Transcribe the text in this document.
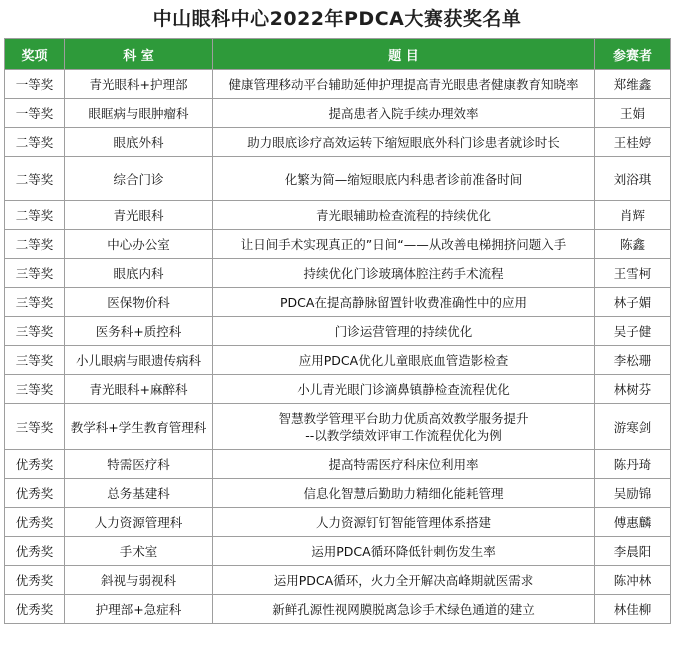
中山眼科中心2022年PDCA大赛获奖名单
奖项	科 室	题 目	参赛者
一等奖	青光眼科+护理部	健康管理移动平台辅助延伸护理提高青光眼患者健康教育知晓率	郑维鑫
一等奖	眼眶病与眼肿瘤科	提高患者入院手续办理效率	王娟
二等奖	眼底外科	助力眼底诊疗高效运转下缩短眼底外科门诊患者就诊时长	王桂婷
二等奖	综合门诊	化繁为简—缩短眼底内科患者诊前准备时间	刘浴琪
二等奖	青光眼科	青光眼辅助检查流程的持续优化	肖辉
二等奖	中心办公室	让日间手术实现真正的”日间“——从改善电梯拥挤问题入手	陈鑫
三等奖	眼底内科	持续优化门诊玻璃体腔注药手术流程	王雪柯
三等奖	医保物价科	PDCA在提高静脉留置针收费准确性中的应用	林子媚
三等奖	医务科+质控科	门诊运营管理的持续优化	吴子健
三等奖	小儿眼病与眼遗传病科	应用PDCA优化儿童眼底血管造影检查	李松珊
三等奖	青光眼科+麻醉科	小儿青光眼门诊滴鼻镇静检查流程优化	林树芬
三等奖	教学科+学生教育管理科	智慧教学管理平台助力优质高效教学服务提升
--以教学绩效评审工作流程优化为例	游寒剑
优秀奖	特需医疗科	提高特需医疗科床位利用率	陈丹琦
优秀奖	总务基建科	信息化智慧后勤助力精细化能耗管理	吴励锦
优秀奖	人力资源管理科	人力资源钉钉智能管理体系搭建	傅惠麟
优秀奖	手术室	运用PDCA循环降低针刺伤发生率	李晨阳
优秀奖	斜视与弱视科	运用PDCA循环，火力全开解决高峰期就医需求	陈冲林
优秀奖	护理部+急症科	新鲜孔源性视网膜脱离急诊手术绿色通道的建立	林佳柳
